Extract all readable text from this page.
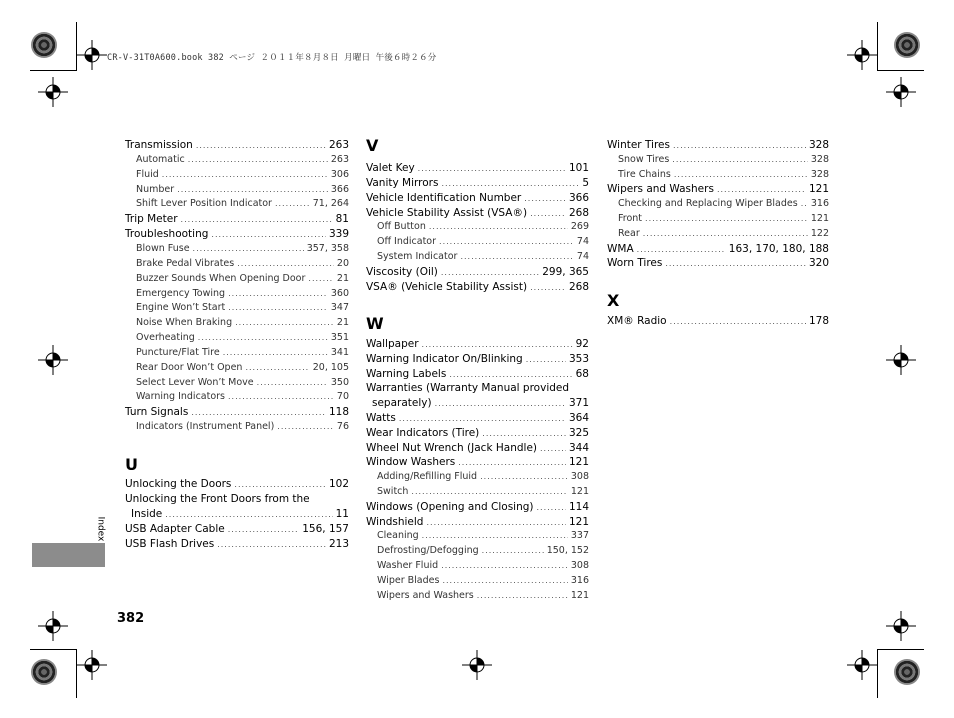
CR-V-31T0A600.book 382 ページ ２０１１年８月８日 月曜日 午後６時２６分
Index
382
U
V
W
X
Transmission .....	263
Automatic .....	263
Fluid .....	306
Number .....	366
Shift Lever Position Indicator .....	71, 264
Trip Meter .....	81
Troubleshooting .....	339
Blown Fuse .....	357, 358
Brake Pedal Vibrates .....	20
Buzzer Sounds When Opening Door .....	21
Emergency Towing .....	360
Engine Won’t Start .....	347
Noise When Braking .....	21
Overheating .....	351
Puncture/Flat Tire .....	341
Rear Door Won’t Open .....	20, 105
Select Lever Won’t Move .....	350
Warning Indicators .....	70
Turn Signals .....	118
Indicators (Instrument Panel) .....	76
Unlocking the Doors .....	102
Unlocking the Front Doors from the
Inside .....	11
USB Adapter Cable .....	156, 157
USB Flash Drives .....	213
Valet Key .....	101
Vanity Mirrors .....	5
Vehicle Identification Number .....	366
Vehicle Stability Assist (VSA®) .....	268
Off Button .....	269
Off Indicator .....	74
System Indicator .....	74
Viscosity (Oil) .....	299, 365
VSA® (Vehicle Stability Assist) .....	268
Wallpaper .....	92
Warning Indicator On/Blinking .....	353
Warning Labels .....	68
Warranties (Warranty Manual provided
separately) .....	371
Watts .....	364
Wear Indicators (Tire) .....	325
Wheel Nut Wrench (Jack Handle) .....	344
Window Washers .....	121
Adding/Refilling Fluid .....	308
Switch .....	121
Windows (Opening and Closing) .....	114
Windshield .....	121
Cleaning .....	337
Defrosting/Defogging .....	150, 152
Washer Fluid .....	308
Wiper Blades .....	316
Wipers and Washers .....	121
Winter Tires .....	328
Snow Tires .....	328
Tire Chains .....	328
Wipers and Washers .....	121
Checking and Replacing Wiper Blades ..... 316
Front .....	121
Rear .....	122
WMA .....	163, 170, 180, 188
Worn Tires .....	320
XM® Radio .....	178
